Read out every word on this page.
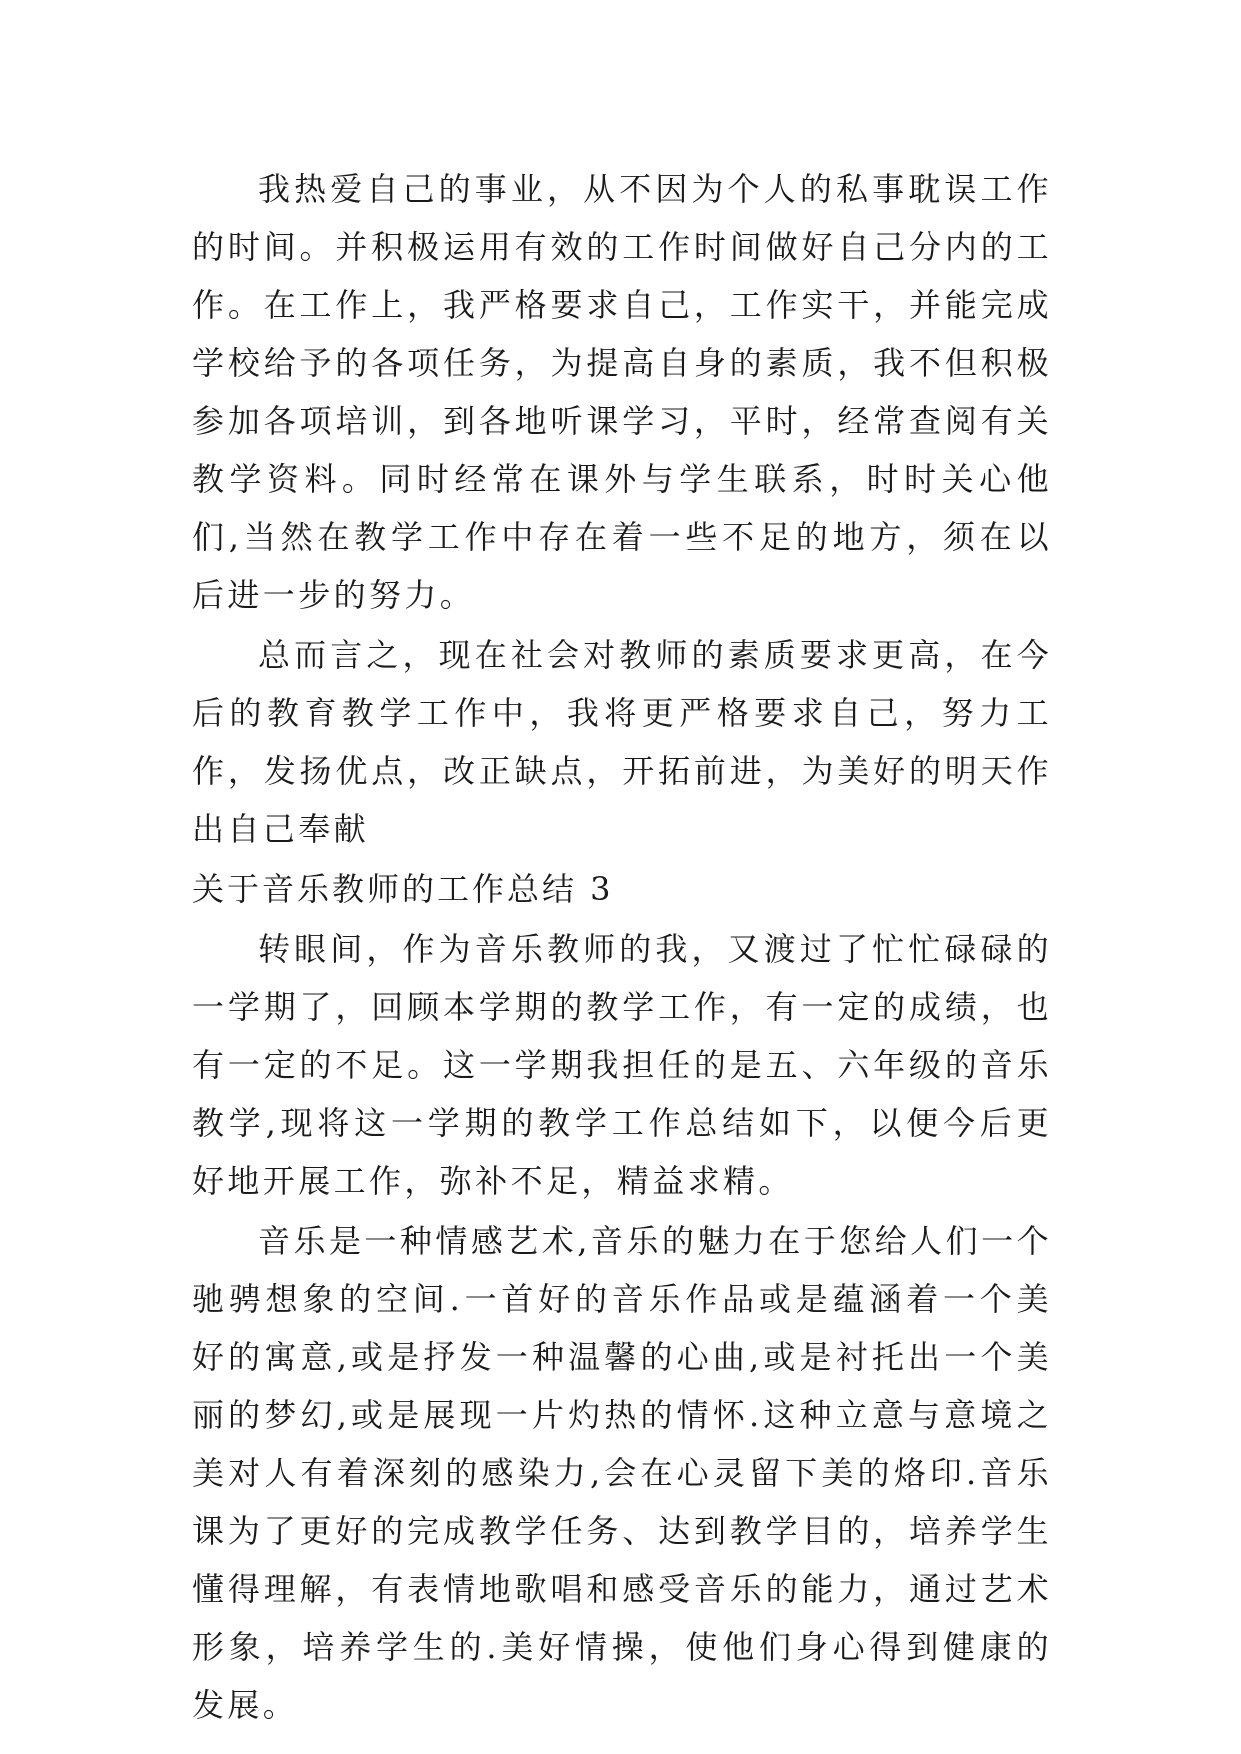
我热爱自己的事业，从不因为个人的私事耽误工作的时间。并积极运用有效的工作时间做好自己分内的工作。在工作上，我严格要求自己，工作实干，并能完成学校给予的各项任务，为提高自身的素质，我不但积极参加各项培训，到各地听课学习，平时，经常查阅有关教学资料。同时经常在课外与学生联系，时时关心他们,当然在教学工作中存在着一些不足的地方，须在以后进一步的努力。

总而言之，现在社会对教师的素质要求更高，在今后的教育教学工作中，我将更严格要求自己，努力工作，发扬优点，改正缺点，开拓前进，为美好的明天作出自己奉献

关于音乐教师的工作总结 3

转眼间，作为音乐教师的我，又渡过了忙忙碌碌的一学期了，回顾本学期的教学工作，有一定的成绩，也有一定的不足。这一学期我担任的是五、六年级的音乐教学,现将这一学期的教学工作总结如下，以便今后更好地开展工作，弥补不足，精益求精。

音乐是一种情感艺术,音乐的魅力在于您给人们一个驰骋想象的空间.一首好的音乐作品或是蕴涵着一个美好的寓意,或是抒发一种温馨的心曲,或是衬托出一个美丽的梦幻,或是展现一片灼热的情怀.这种立意与意境之美对人有着深刻的感染力,会在心灵留下美的烙印.音乐课为了更好的完成教学任务、达到教学目的，培养学生懂得理解，有表情地歌唱和感受音乐的能力，通过艺术形象，培养学生的.美好情操，使他们身心得到健康的发展。
